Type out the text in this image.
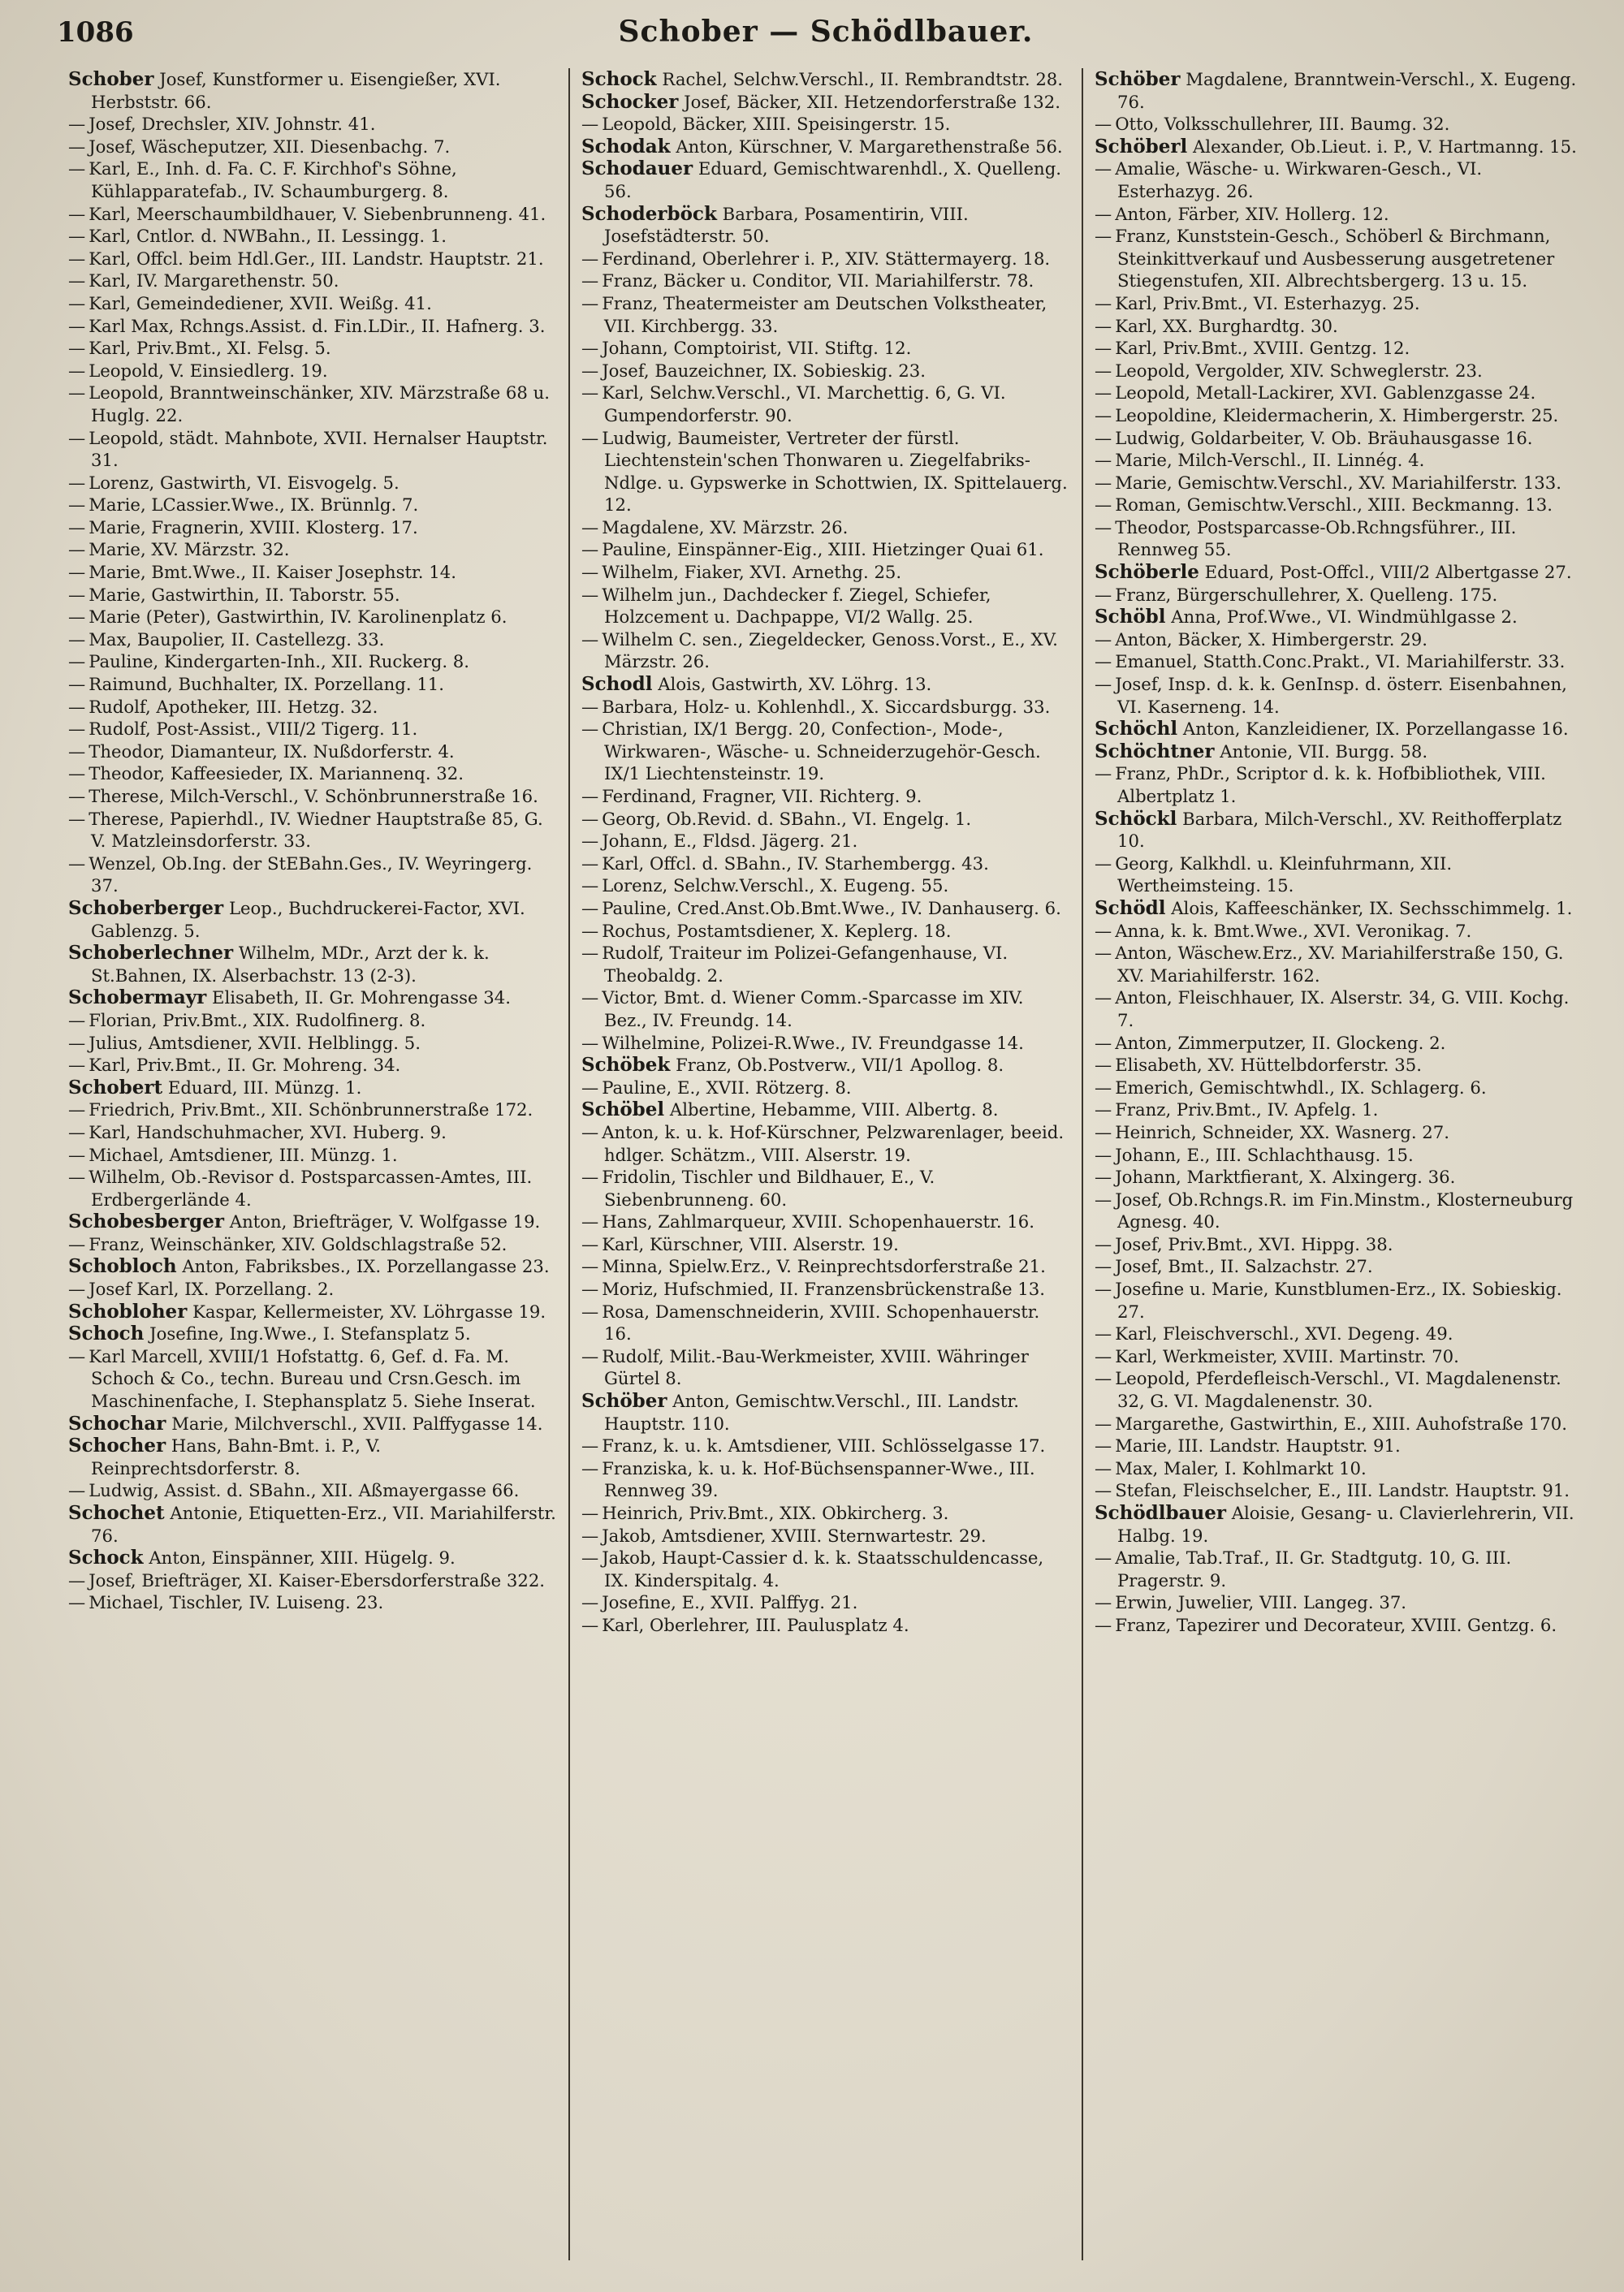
1086	Schober — Schödlbauer.
Schober Josef, Kunstformer u. Eisengießer, XVI. Herbststr. 66.
— Josef, Drechsler, XIV. Johnstr. 41.
— Josef, Wäscheputzer, XII. Diesenbachg. 7.
— Karl, E., Inh. d. Fa. C. F. Kirchhof's Söhne, Kühlapparatefab., IV. Schaumburgerg. 8.
— Karl, Meerschaumbildhauer, V. Siebenbrunneng. 41.
— Karl, Cntlor. d. NWBahn., II. Lessingg. 1.
— Karl, Offcl. beim Hdl.Ger., III. Landstr. Hauptstr. 21.
— Karl, IV. Margarethenstr. 50.
— Karl, Gemeindediener, XVII. Weißg. 41.
— Karl Max, Rchngs.Assist. d. Fin.LDir., II. Hafnerg. 3.
— Karl, Priv.Bmt., XI. Felsg. 5.
— Leopold, V. Einsiedlerg. 19.
— Leopold, Branntweinschänker, XIV. Märzstraße 68 u. Huglg. 22.
— Leopold, städt. Mahnbote, XVII. Hernalser Hauptstr. 31.
— Lorenz, Gastwirth, VI. Eisvogelg. 5.
— Marie, LCassier.Wwe., IX. Brünnlg. 7.
— Marie, Fragnerin, XVIII. Klosterg. 17.
— Marie, XV. Märzstr. 32.
— Marie, Bmt.Wwe., II. Kaiser Josephstr. 14.
— Marie, Gastwirthin, II. Taborstr. 55.
— Marie (Peter), Gastwirthin, IV. Karolinenplatz 6.
— Max, Baupolier, II. Castellezg. 33.
— Pauline, Kindergarten-Inh., XII. Ruckerg. 8.
— Raimund, Buchhalter, IX. Porzellang. 11.
— Rudolf, Apotheker, III. Hetzg. 32.
— Rudolf, Post-Assist., VIII/2 Tigerg. 11.
— Theodor, Diamanteur, IX. Nußdorferstr. 4.
— Theodor, Kaffeesieder, IX. Mariannenq. 32.
— Therese, Milch-Verschl., V. Schönbrunnerstraße 16.
— Therese, Papierhdl., IV. Wiedner Hauptstraße 85, G. V. Matzleinsdorferstr. 33.
— Wenzel, Ob.Ing. der StEBahn.Ges., IV. Weyringerg. 37.
Schoberberger Leop., Buchdruckerei-Factor, XVI. Gablenzg. 5.
Schoberlechner Wilhelm, MDr., Arzt der k. k. St.Bahnen, IX. Alserbachstr. 13 (2-3).
Schobermayr Elisabeth, II. Gr. Mohrengasse 34.
— Florian, Priv.Bmt., XIX. Rudolfinerg. 8.
— Julius, Amtsdiener, XVII. Helblingg. 5.
— Karl, Priv.Bmt., II. Gr. Mohreng. 34.
Schobert Eduard, III. Münzg. 1.
— Friedrich, Priv.Bmt., XII. Schönbrunnerstraße 172.
— Karl, Handschuhmacher, XVI. Huberg. 9.
— Michael, Amtsdiener, III. Münzg. 1.
— Wilhelm, Ob.-Revisor d. Postsparcassen-Amtes, III. Erdbergerlände 4.
Schobesberger Anton, Briefträger, V. Wolfgasse 19.
— Franz, Weinschänker, XIV. Goldschlagstraße 52.
Schobloch Anton, Fabriksbes., IX. Porzellangasse 23.
— Josef Karl, IX. Porzellang. 2.
Schobloher Kaspar, Kellermeister, XV. Löhrgasse 19.
Schoch Josefine, Ing.Wwe., I. Stefansplatz 5.
— Karl Marcell, XVIII/1 Hofstattg. 6, Gef. d. Fa. M. Schoch & Co., techn. Bureau und Crsn.Gesch. im Maschinenfache, I. Stephansplatz 5. Siehe Inserat.
Schochar Marie, Milchverschl., XVII. Palffygasse 14.
Schocher Hans, Bahn-Bmt. i. P., V. Reinprechtsdorferstr. 8.
— Ludwig, Assist. d. SBahn., XII. Aßmayergasse 66.
Schochet Antonie, Etiquetten-Erz., VII. Mariahilferstr. 76.
Schock Anton, Einspänner, XIII. Hügelg. 9.
— Josef, Briefträger, XI. Kaiser-Ebersdorferstraße 322.
— Michael, Tischler, IV. Luiseng. 23.
Schock Rachel, Selchw.Verschl., II. Rembrandtstr. 28.
Schocker Josef, Bäcker, XII. Hetzendorferstraße 132.
— Leopold, Bäcker, XIII. Speisingerstr. 15.
Schodak Anton, Kürschner, V. Margarethenstraße 56.
Schodauer Eduard, Gemischtwarenhdl., X. Quelleng. 56.
Schoderböck Barbara, Posamentirin, VIII. Josefstädterstr. 50.
— Ferdinand, Oberlehrer i. P., XIV. Stättermayerg. 18.
— Franz, Bäcker u. Conditor, VII. Mariahilferstr. 78.
— Franz, Theatermeister am Deutschen Volkstheater, VII. Kirchbergg. 33.
— Johann, Comptoirist, VII. Stiftg. 12.
— Josef, Bauzeichner, IX. Sobieskig. 23.
— Karl, Selchw.Verschl., VI. Marchettig. 6, G. VI. Gumpendorferstr. 90.
— Ludwig, Baumeister, Vertreter der fürstl. Liechtenstein'schen Thonwaren u. Ziegelfabriks-Ndlge. u. Gypswerke in Schottwien, IX. Spittelauerg. 12.
— Magdalene, XV. Märzstr. 26.
— Pauline, Einspänner-Eig., XIII. Hietzinger Quai 61.
— Wilhelm, Fiaker, XVI. Arnethg. 25.
— Wilhelm jun., Dachdecker f. Ziegel, Schiefer, Holzcement u. Dachpappe, VI/2 Wallg. 25.
— Wilhelm C. sen., Ziegeldecker, Genoss.Vorst., E., XV. Märzstr. 26.
Schodl Alois, Gastwirth, XV. Löhrg. 13.
— Barbara, Holz- u. Kohlenhdl., X. Siccardsburgg. 33.
— Christian, IX/1 Bergg. 20, Confection-, Mode-, Wirkwaren-, Wäsche- u. Schneiderzugehör-Gesch. IX/1 Liechtensteinstr. 19.
— Ferdinand, Fragner, VII. Richterg. 9.
— Georg, Ob.Revid. d. SBahn., VI. Engelg. 1.
— Johann, E., Fldsd. Jägerg. 21.
— Karl, Offcl. d. SBahn., IV. Starhembergg. 43.
— Lorenz, Selchw.Verschl., X. Eugeng. 55.
— Pauline, Cred.Anst.Ob.Bmt.Wwe., IV. Danhauserg. 6.
— Rochus, Postamtsdiener, X. Keplerg. 18.
— Rudolf, Traiteur im Polizei-Gefangenhause, VI. Theobaldg. 2.
— Victor, Bmt. d. Wiener Comm.-Sparcasse im XIV. Bez., IV. Freundg. 14.
— Wilhelmine, Polizei-R.Wwe., IV. Freundgasse 14.
Schöbek Franz, Ob.Postverw., VII/1 Apollog. 8.
— Pauline, E., XVII. Rötzerg. 8.
Schöbel Albertine, Hebamme, VIII. Albertg. 8.
— Anton, k. u. k. Hof-Kürschner, Pelzwarenlager, beeid. hdlger. Schätzm., VIII. Alserstr. 19.
— Fridolin, Tischler und Bildhauer, E., V. Siebenbrunneng. 60.
— Hans, Zahlmarqueur, XVIII. Schopenhauerstr. 16.
— Karl, Kürschner, VIII. Alserstr. 19.
— Minna, Spielw.Erz., V. Reinprechtsdorferstraße 21.
— Moriz, Hufschmied, II. Franzensbrückenstraße 13.
— Rosa, Damenschneiderin, XVIII. Schopenhauerstr. 16.
— Rudolf, Milit.-Bau-Werkmeister, XVIII. Währinger Gürtel 8.
Schöber Anton, Gemischtw.Verschl., III. Landstr. Hauptstr. 110.
— Franz, k. u. k. Amtsdiener, VIII. Schlösselgasse 17.
— Franziska, k. u. k. Hof-Büchsenspanner-Wwe., III. Rennweg 39.
— Heinrich, Priv.Bmt., XIX. Obkircherg. 3.
— Jakob, Amtsdiener, XVIII. Sternwartestr. 29.
— Jakob, Haupt-Cassier d. k. k. Staatsschuldencasse, IX. Kinderspitalg. 4.
— Josefine, E., XVII. Palffyg. 21.
— Karl, Oberlehrer, III. Paulusplatz 4.
Schöber Magdalene, Branntwein-Verschl., X. Eugeng. 76.
— Otto, Volksschullehrer, III. Baumg. 32.
Schöberl Alexander, Ob.Lieut. i. P., V. Hartmanng. 15.
— Amalie, Wäsche- u. Wirkwaren-Gesch., VI. Esterhazyg. 26.
— Anton, Färber, XIV. Hollerg. 12.
— Franz, Kunststein-Gesch., Schöberl & Birchmann, Steinkittverkauf und Ausbesserung ausgetretener Stiegenstufen, XII. Albrechtsbergerg. 13 u. 15.
— Karl, Priv.Bmt., VI. Esterhazyg. 25.
— Karl, XX. Burghardtg. 30.
— Karl, Priv.Bmt., XVIII. Gentzg. 12.
— Leopold, Vergolder, XIV. Schweglerstr. 23.
— Leopold, Metall-Lackirer, XVI. Gablenzgasse 24.
— Leopoldine, Kleidermacherin, X. Himbergerstr. 25.
— Ludwig, Goldarbeiter, V. Ob. Bräuhausgasse 16.
— Marie, Milch-Verschl., II. Linnég. 4.
— Marie, Gemischtw.Verschl., XV. Mariahilferstr. 133.
— Roman, Gemischtw.Verschl., XIII. Beckmanng. 13.
— Theodor, Postsparcasse-Ob.Rchngsführer., III. Rennweg 55.
Schöberle Eduard, Post-Offcl., VIII/2 Albertgasse 27.
— Franz, Bürgerschullehrer, X. Quelleng. 175.
Schöbl Anna, Prof.Wwe., VI. Windmühlgasse 2.
— Anton, Bäcker, X. Himbergerstr. 29.
— Emanuel, Statth.Conc.Prakt., VI. Mariahilferstr. 33.
— Josef, Insp. d. k. k. GenInsp. d. österr. Eisenbahnen, VI. Kaserneng. 14.
Schöchl Anton, Kanzleidiener, IX. Porzellangasse 16.
Schöchtner Antonie, VII. Burgg. 58.
— Franz, PhDr., Scriptor d. k. k. Hofbibliothek, VIII. Albertplatz 1.
Schöckl Barbara, Milch-Verschl., XV. Reithofferplatz 10.
— Georg, Kalkhdl. u. Kleinfuhrmann, XII. Wertheimsteing. 15.
Schödl Alois, Kaffeeschänker, IX. Sechsschimmelg. 1.
— Anna, k. k. Bmt.Wwe., XVI. Veronikag. 7.
— Anton, Wäschew.Erz., XV. Mariahilferstraße 150, G. XV. Mariahilferstr. 162.
— Anton, Fleischhauer, IX. Alserstr. 34, G. VIII. Kochg. 7.
— Anton, Zimmerputzer, II. Glockeng. 2.
— Elisabeth, XV. Hüttelbdorferstr. 35.
— Emerich, Gemischtwhdl., IX. Schlagerg. 6.
— Franz, Priv.Bmt., IV. Apfelg. 1.
— Heinrich, Schneider, XX. Wasnerg. 27.
— Johann, E., III. Schlachthausg. 15.
— Johann, Marktfierant, X. Alxingerg. 36.
— Josef, Ob.Rchngs.R. im Fin.Minstm., Klosterneuburg Agnesg. 40.
— Josef, Priv.Bmt., XVI. Hippg. 38.
— Josef, Bmt., II. Salzachstr. 27.
— Josefine u. Marie, Kunstblumen-Erz., IX. Sobieskig. 27.
— Karl, Fleischverschl., XVI. Degeng. 49.
— Karl, Werkmeister, XVIII. Martinstr. 70.
— Leopold, Pferdefleisch-Verschl., VI. Magdalenenstr. 32, G. VI. Magdalenenstr. 30.
— Margarethe, Gastwirthin, E., XIII. Auhofstraße 170.
— Marie, III. Landstr. Hauptstr. 91.
— Max, Maler, I. Kohlmarkt 10.
— Stefan, Fleischselcher, E., III. Landstr. Hauptstr. 91.
Schödlbauer Aloisie, Gesang- u. Clavierlehrerin, VII. Halbg. 19.
— Amalie, Tab.Traf., II. Gr. Stadtgutg. 10, G. III. Pragerstr. 9.
— Erwin, Juwelier, VIII. Langeg. 37.
— Franz, Tapezirer und Decorateur, XVIII. Gentzg. 6.
